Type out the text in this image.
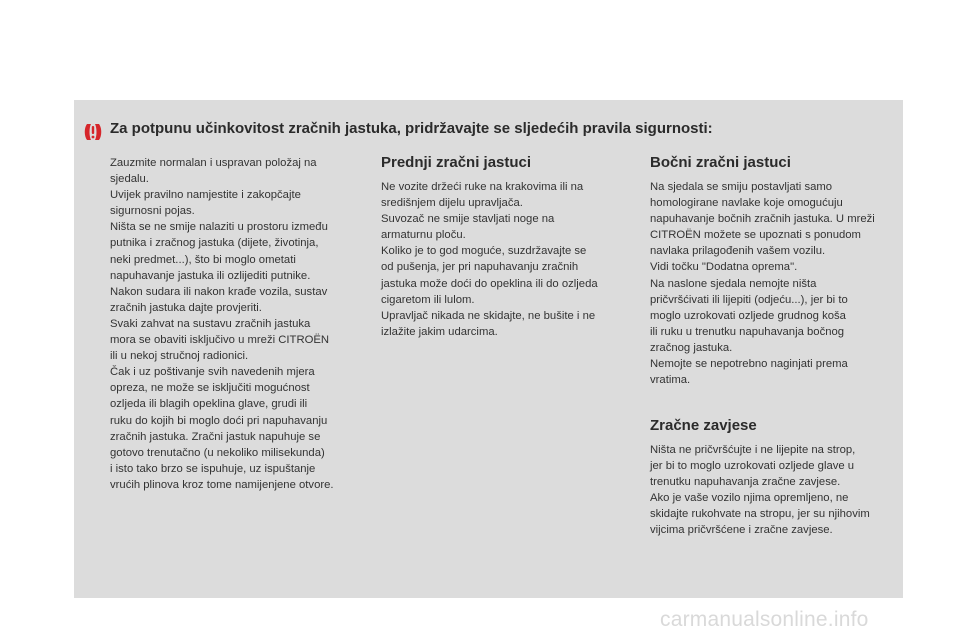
Za potpunu učinkovitost zračnih jastuka, pridržavajte se sljedećih pravila sigurnosti:
Zauzmite normalan i uspravan položaj na
sjedalu.
Uvijek pravilno namjestite i zakopčajte
sigurnosni pojas.
Ništa se ne smije nalaziti u prostoru između
putnika i zračnog jastuka (dijete, životinja,
neki predmet...), što bi moglo ometati
napuhavanje jastuka ili ozlijediti putnike.
Nakon sudara ili nakon krađe vozila, sustav
zračnih jastuka dajte provjeriti.
Svaki zahvat na sustavu zračnih jastuka
mora se obaviti isključivo u mreži CITROËN
ili u nekoj stručnoj radionici.
Čak i uz poštivanje svih navedenih mjera
opreza, ne može se isključiti mogućnost
ozljeda ili blagih opeklina glave, grudi ili
ruku do kojih bi moglo doći pri napuhavanju
zračnih jastuka. Zračni jastuk napuhuje se
gotovo trenutačno (u nekoliko milisekunda)
i isto tako brzo se ispuhuje, uz ispuštanje
vrućih plinova kroz tome namijenjene otvore.
Prednji zračni jastuci
Ne vozite držeći ruke na krakovima ili na
središnjem dijelu upravljača.
Suvozač ne smije stavljati noge na
armaturnu ploču.
Koliko je to god moguće, suzdržavajte se
od pušenja, jer pri napuhavanju zračnih
jastuka može doći do opeklina ili do ozljeda
cigaretom ili lulom.
Upravljač nikada ne skidajte, ne bušite i ne
izlažite jakim udarcima.
Bočni zračni jastuci
Na sjedala se smiju postavljati samo
homologirane navlake koje omogućuju
napuhavanje bočnih zračnih jastuka. U mreži
CITROËN možete se upoznati s ponudom
navlaka prilagođenih vašem vozilu.
Vidi točku "Dodatna oprema".
Na naslone sjedala nemojte ništa
pričvršćivati ili lijepiti (odjeću...), jer bi to
moglo uzrokovati ozljede grudnog koša
ili ruku u trenutku napuhavanja bočnog
zračnog jastuka.
Nemojte se nepotrebno naginjati prema
vratima.
Zračne zavjese
Ništa ne pričvršćujte i ne lijepite na strop,
jer bi to moglo uzrokovati ozljede glave u
trenutku napuhavanja zračne zavjese.
Ako je vaše vozilo njima opremljeno, ne
skidajte rukohvate na stropu, jer su njihovim
vijcima pričvršćene i zračne zavjese.
carmanualsonline.info
